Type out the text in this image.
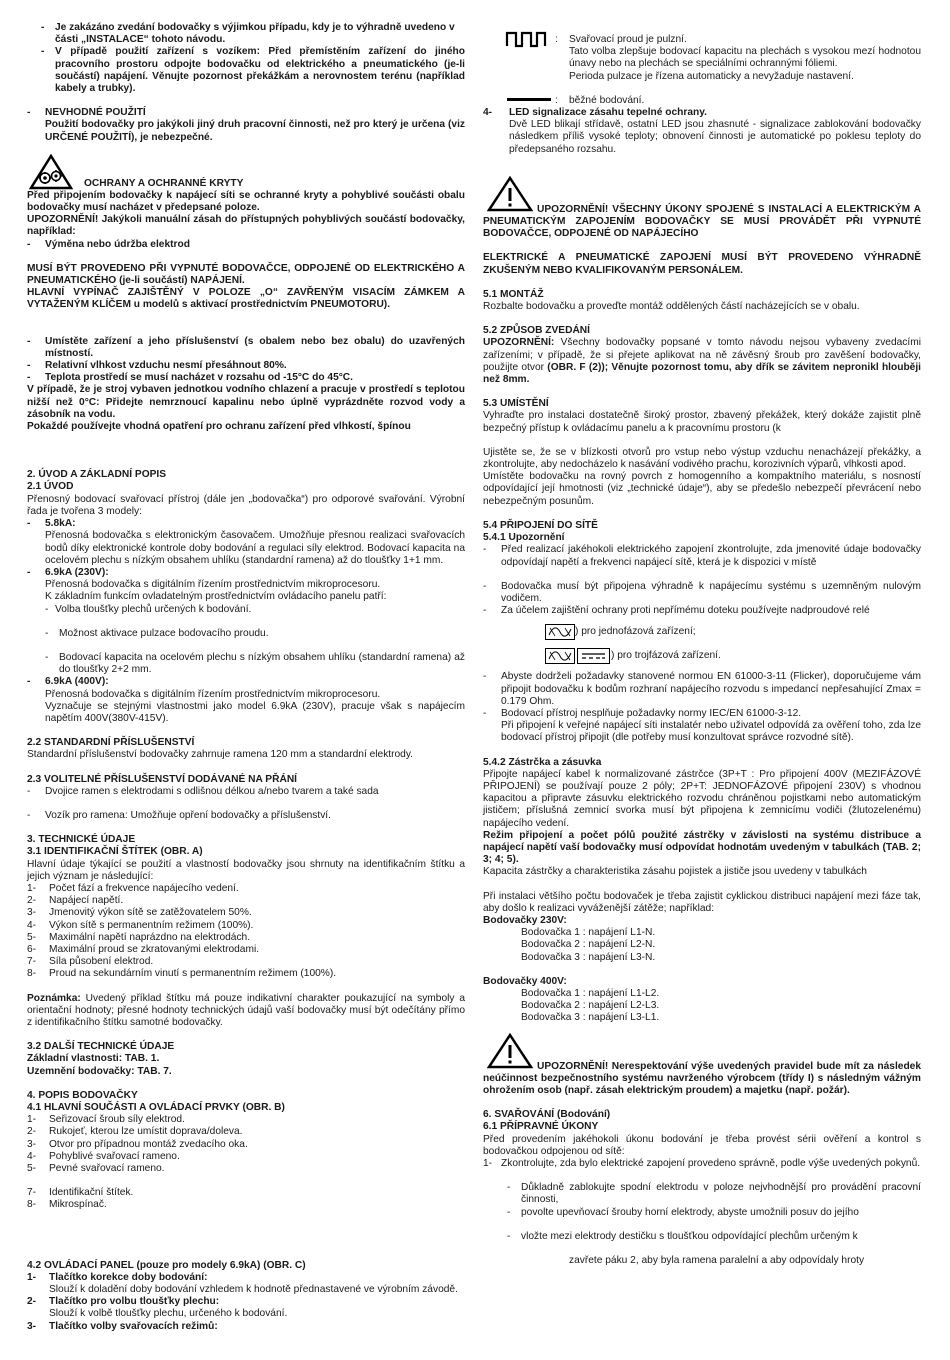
-	Je zakázáno zvedání bodovačky s výjimkou případu, kdy je to výhradně uvedeno v části „INSTALACE“ tohoto návodu.
-	V případě použití zařízení s vozíkem: Před přemístěním zařízení do jiného pracovního prostoru odpojte bodovačku od elektrického a pneumatického (je-li součástí) napájení. Věnujte pozornost překážkám a nerovnostem terénu (například kabely a trubky).
-	NEVHODNÉ POUŽITÍ

Použití bodovačky pro jakýkoli jiný druh pracovní činnosti, než pro který je určena (viz URČENÉ POUŽITÍ), je nebezpečné.

OCHRANY A OCHRANNÉ KRYTY

Před připojením bodovačky k napájecí síti se ochranné kryty a pohyblivé součásti obalu bodovačky musí nacházet v předepsané poloze.

UPOZORNĚNÍ! Jakýkoli manuální zásah do přístupných pohyblivých součástí bodovačky, například:

-	Výměna nebo údržba elektrod

MUSÍ BÝT PROVEDENO PŘI VYPNUTÉ BODOVAČCE, ODPOJENÉ OD ELEKTRICKÉHO A PNEUMATICKÉHO (je-li součástí) NAPÁJENÍ.

HLAVNÍ VYPÍNAČ ZAJIŠTĚNÝ V POLOZE „O“ ZAVŘENÝM VISACÍM ZÁMKEM A VYTAŽENÝM KLÍČEM u modelů s aktivací prostřednictvím PNEUMOTORU).

-	Umístěte zařízení a jeho příslušenství (s obalem nebo bez obalu) do uzavřených místností.
-	Relativní vlhkost vzduchu nesmí přesáhnout 80%.
-	Teplota prostředí se musí nacházet v rozsahu od -15°C do 45°C.

V případě, že je stroj vybaven jednotkou vodního chlazení a pracuje v prostředí s teplotou nižší než 0°C: Přidejte nemrznoucí kapalinu nebo úplně vyprázdněte rozvod vody a zásobník na vodu.

Pokaždé používejte vhodná opatření pro ochranu zařízení před vlhkostí, špínou

2. ÚVOD A ZÁKLADNÍ POPIS

2.1 ÚVOD

Přenosný bodovací svařovací přístroj (dále jen „bodovačka“) pro odporové svařování. Výrobní řada je tvořena 3 modely:

-	5.8kA:

Přenosná bodovačka s elektronickým časovačem. Umožňuje přesnou realizaci svařovacích bodů díky elektronické kontrole doby bodování a regulaci síly elektrod. Bodovací kapacita na ocelovém plechu s nízkým obsahem uhlíku (standardní ramena) až do tloušťky 1+1 mm.

-	6.9kA (230V):

Přenosná bodovačka s digitálním řízením prostřednictvím mikroprocesoru.

K základním funkcím ovladatelným prostřednictvím ovládacího panelu patří:

- Volba tloušťky plechů určených k bodování.
-	Možnost aktivace pulzace bodovacího proudu.
-	Bodovací kapacita na ocelovém plechu s nízkým obsahem uhlíku (standardní ramena) až do tloušťky 2+2 mm.
-	6.9kA (400V):

Přenosná bodovačka s digitálním řízením prostřednictvím mikroprocesoru.

Vyznačuje se stejnými vlastnostmi jako model 6.9kA (230V), pracuje však s napájecím napětím 400V(380V-415V).

2.2 STANDARDNÍ PŘÍSLUŠENSTVÍ

Standardní příslušenství bodovačky zahrnuje ramena 120 mm a standardní elektrody.

2.3 VOLITELNÉ PŘÍSLUŠENSTVÍ DODÁVANÉ NA PŘÁNÍ

-	Dvojice ramen s elektrodami s odlišnou délkou a/nebo tvarem a také sada
-	Vozík pro ramena: Umožňuje opření bodovačky a příslušenství.

3. TECHNICKÉ ÚDAJE

3.1 IDENTIFIKAČNÍ ŠTÍTEK (OBR. A)

Hlavní údaje týkající se použití a vlastností bodovačky jsou shrnuty na identifikačním štítku a jejich význam je následující:

1-	Počet fází a frekvence napájecího vedení.
2-	Napájecí napětí.
3-	Jmenovitý výkon sítě se zatěžovatelem 50%.
4-	Výkon sítě s permanentním režimem (100%).
5-	Maximální napětí naprázdno na elektrodách.
6-	Maximální proud se zkratovanými elektrodami.
7-	Síla působení elektrod.
8-	Proud na sekundárním vinutí s permanentním režimem (100%).

Poznámka: Uvedený příklad štítku má pouze indikativní charakter poukazující na symboly a orientační hodnoty; přesné hodnoty technických údajů vaší bodovačky musí být odečítány přímo z identifikačního štítku samotné bodovačky.

3.2 DALŠÍ TECHNICKÉ ÚDAJE

Základní vlastnosti: TAB. 1.

Uzemnění bodovačky: TAB. 7.

4. POPIS BODOVAČKY

4.1 HLAVNÍ SOUČÁSTI A OVLÁDACÍ PRVKY (OBR. B)

1-	Seřizovací šroub síly elektrod.
2-	Rukojeť, kterou lze umístit doprava/doleva.
3-	Otvor pro případnou montáž zvedacího oka.
4-	Pohyblivé svařovací rameno.
5-	Pevné svařovací rameno.
7-	Identifikační štítek.
8-	Mikrospínač.

4.2 OVLÁDACÍ PANEL (pouze pro modely 6.9kA) (OBR. C)

1-	Tlačítko korekce doby bodování:
Slouží k doladění doby bodování vzhledem k hodnotě přednastavené ve výrobním závodě.
2-	Tlačítko pro volbu tloušťky plechu:
Slouží k volbě tloušťky plechu, určeného k bodování.
3-	Tlačítko volby svařovacích režimů:
: Svařovací proud je pulzní.

Tato volba zlepšuje bodovací kapacitu na plechách s vysokou mezí hodnotou únavy nebo na plechách se speciálními ochrannými fóliemi.

Perioda pulzace je řízena automaticky a nevyžaduje nastavení.

: běžné bodování.

4-	LED signalizace zásahu tepelné ochrany.

Dvě LED blikají střídavě, ostatní LED jsou zhasnuté - signalizace zablokování bodovačky následkem příliš vysoké teploty; obnovení činnosti je automatické po poklesu teploty do předepsaného rozsahu.

UPOZORNĚNÍ! VŠECHNY ÚKONY SPOJENÉ S INSTALACÍ A ELEKTRICKÝM A PNEUMATICKÝM ZAPOJENÍM BODOVAČKY SE MUSÍ PROVÁDĚT PŘI VYPNUTÉ BODOVAČCE, ODPOJENÉ OD NAPÁJECÍHO

ELEKTRICKÉ A PNEUMATICKÉ ZAPOJENÍ MUSÍ BÝT PROVEDENO VÝHRADNĚ ZKUŠENÝM NEBO KVALIFIKOVANÝM PERSONÁLEM.

5.1 MONTÁŽ

Rozbalte bodovačku a proveďte montáž oddělených částí nacházejících se v obalu.

5.2 ZPŮSOB ZVEDÁNÍ

UPOZORNĚNÍ: Všechny bodovačky popsané v tomto návodu nejsou vybaveny zvedacími zařízeními; v případě, že si přejete aplikovat na ně závěsný šroub pro zavěšení bodovačky, použijte otvor (OBR. F (2)); Věnujte pozornost tomu, aby dřík se závitem nepronikl hlouběji než 8mm.

5.3 UMÍSTĚNÍ

Vyhraďte pro instalaci dostatečně široký prostor, zbavený překážek, který dokáže zajistit plně bezpečný přístup k ovládacímu panelu a k pracovnímu prostoru (k

Ujistěte se, že se v blízkosti otvorů pro vstup nebo výstup vzduchu nenacházejí překážky, a zkontrolujte, aby nedocházelo k nasávání vodivého prachu, korozivních výparů, vlhkosti apod.

Umístěte bodovačku na rovný povrch z homogenního a kompaktního materiálu, s nosností odpovídající její hmotnosti (viz „technické údaje“), aby se předešlo nebezpečí převrácení nebo nebezpečným posunům.

5.4 PŘIPOJENÍ DO SÍTĚ

5.4.1 Upozornění

-	Před realizací jakéhokoli elektrického zapojení zkontrolujte, zda jmenovité údaje bodovačky odpovídají napětí a frekvenci napájecí sítě, která je k dispozici v místě
-	Bodovačka musí být připojena výhradně k napájecímu systému s uzemněným nulovým vodičem.
-	Za účelem zajištění ochrany proti nepřímému doteku používejte nadproudové relé
) pro jednofázová zařízení;
) pro trojfázová zařízení.
-	Abyste dodrželi požadavky stanovené normou EN 61000-3-11 (Flicker), doporučujeme vám připojit bodovačku k bodům rozhraní napájecího rozvodu s impedancí nepřesahující Zmax = 0.179 Ohm.
-	Bodovací přístroj nesplňuje požadavky normy IEC/EN 61000-3-12.

Při připojení k veřejné napájecí síti instalatér nebo uživatel odpovídá za ověření toho, zda lze bodovací přístroj připojit (dle potřeby musí konzultovat správce rozvodné sítě).

5.4.2 Zástrčka a zásuvka

Připojte napájecí kabel k normalizované zástrčce (3P+T : Pro připojení 400V (MEZIFÁZOVÉ PŘIPOJENÍ) se používají pouze 2 póly; 2P+T: JEDNOFÁZOVÉ připojení 230V) s vhodnou kapacitou a připravte zásuvku elektrického rozvodu chráněnou pojistkami nebo automatickým jističem; příslušná zemnicí svorka musí být připojena k zemnicímu vodiči (žlutozelenému) napájecího vedení.

Režim připojení a počet pólů použité zástrčky v závislosti na systému distribuce a napájecí napětí vaší bodovačky musí odpovídat hodnotám uvedeným v tabulkách (TAB. 2; 3; 4; 5).

Kapacita zástrčky a charakteristika zásahu pojistek a jističe jsou uvedeny v tabulkách

Při instalaci většího počtu bodovaček je třeba zajistit cyklickou distribuci napájení mezi fáze tak, aby došlo k realizaci vyváženější zátěže; například:

Bodovačky 230V:

Bodovačka 1 : napájení L1-N.

Bodovačka 2 : napájení L2-N.

Bodovačka 3 : napájení L3-N.

Bodovačky 400V:

Bodovačka 1 : napájení L1-L2.

Bodovačka 2 : napájení L2-L3.

Bodovačka 3 : napájení L3-L1.

UPOZORNĚNÍ! Nerespektování výše uvedených pravidel bude mít za následek neúčinnost bezpečnostního systému navrženého výrobcem (třídy I) s následným vážným ohrožením osob (např. zásah elektrickým proudem) a majetku (např. požár).

6. SVAŘOVÁNÍ (Bodování)

6.1 PŘÍPRAVNÉ ÚKONY

Před provedením jakéhokoli úkonu bodování je třeba provést sérii ověření a kontrol s bodovačkou odpojenou od sítě:

1- Zkontrolujte, zda bylo elektrické zapojení provedeno správně, podle výše uvedených pokynů.
-	Důkladně zablokujte spodní elektrodu v poloze nejvhodnější pro provádění pracovní činnosti,
-	povolte upevňovací šrouby horní elektrody, abyste umožnili posuv do jejího
-	vložte mezi elektrody destičku s tloušťkou odpovídající plechům určeným k

zavřete páku 2, aby byla ramena paralelní a aby odpovídaly hroty
